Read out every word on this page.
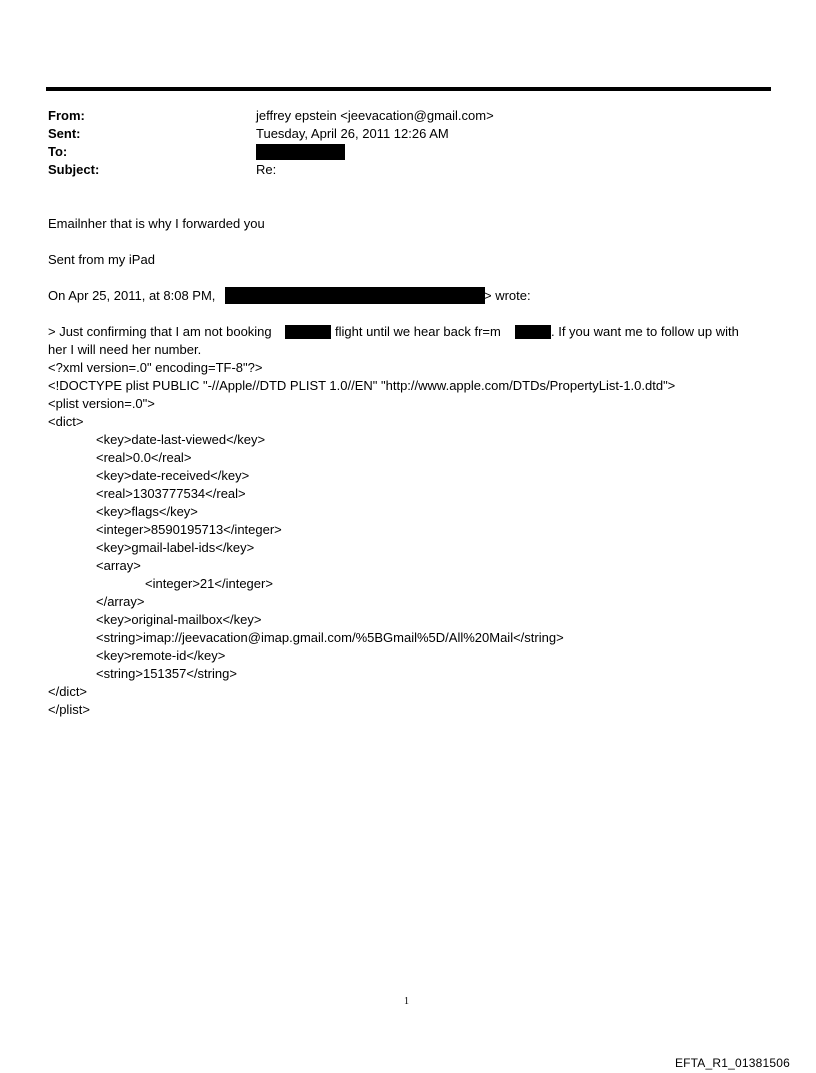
From:	jeffrey epstein <jeevacation@gmail.com>
Sent:	Tuesday, April 26, 2011 12:26 AM
To:
Subject:	Re:
Emailnher that is why I forwarded you
Sent from my iPad
On Apr 25, 2011, at 8:08 PM,	> wrote:
> Just confirming that I am not booking	flight until we hear back fr=m	. If you want me to follow up with
her I will need her number.
<?xml version=.0" encoding=TF-8"?>
<!DOCTYPE plist PUBLIC "-//Apple//DTD PLIST 1.0//EN" "http://www.apple.com/DTDs/PropertyList-1.0.dtd">
<plist version=.0">
<dict>
<key>date-last-viewed</key>
<real>0.0</real>
<key>date-received</key>
<real>1303777534</real>
<key>flags</key>
<integer>8590195713</integer>
<key>gmail-label-ids</key>
<array>
<integer>21</integer>
</array>
<key>original-mailbox</key>
<string>imap://jeevacation@imap.gmail.com/%5BGmail%5D/All%20Mail</string>
<key>remote-id</key>
<string>151357</string>
</dict>
</plist>
1
EFTA_R1_01381506
